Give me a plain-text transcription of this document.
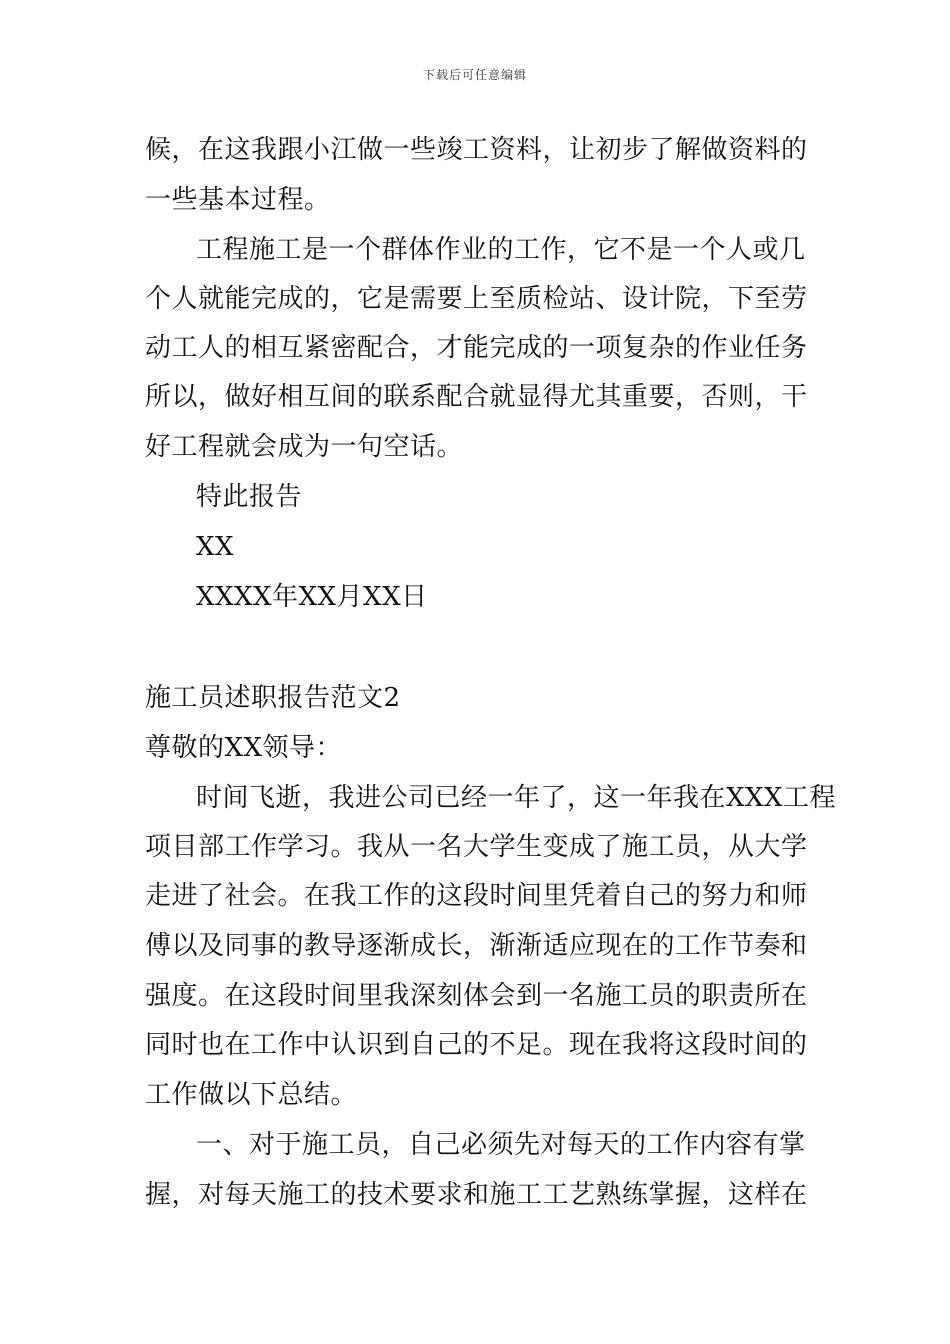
下载后可任意编辑
候，在这我跟小江做一些竣工资料，让初步了解做资料的
一些基本过程。
工程施工是一个群体作业的工作，它不是一个人或几
个人就能完成的，它是需要上至质检站、设计院，下至劳
动工人的相互紧密配合，才能完成的一项复杂的作业任务
所以，做好相互间的联系配合就显得尤其重要，否则，干
好工程就会成为一句空话。
特此报告
XX
XXXX年XX月XX日
施工员述职报告范文2
尊敬的XX领导：
时间飞逝，我进公司已经一年了，这一年我在XXX工程
项目部工作学习。我从一名大学生变成了施工员，从大学
走进了社会。在我工作的这段时间里凭着自己的努力和师
傅以及同事的教导逐渐成长，渐渐适应现在的工作节奏和
强度。在这段时间里我深刻体会到一名施工员的职责所在
同时也在工作中认识到自己的不足。现在我将这段时间的
工作做以下总结。
一、对于施工员，自己必须先对每天的工作内容有掌
握，对每天施工的技术要求和施工工艺熟练掌握，这样在
